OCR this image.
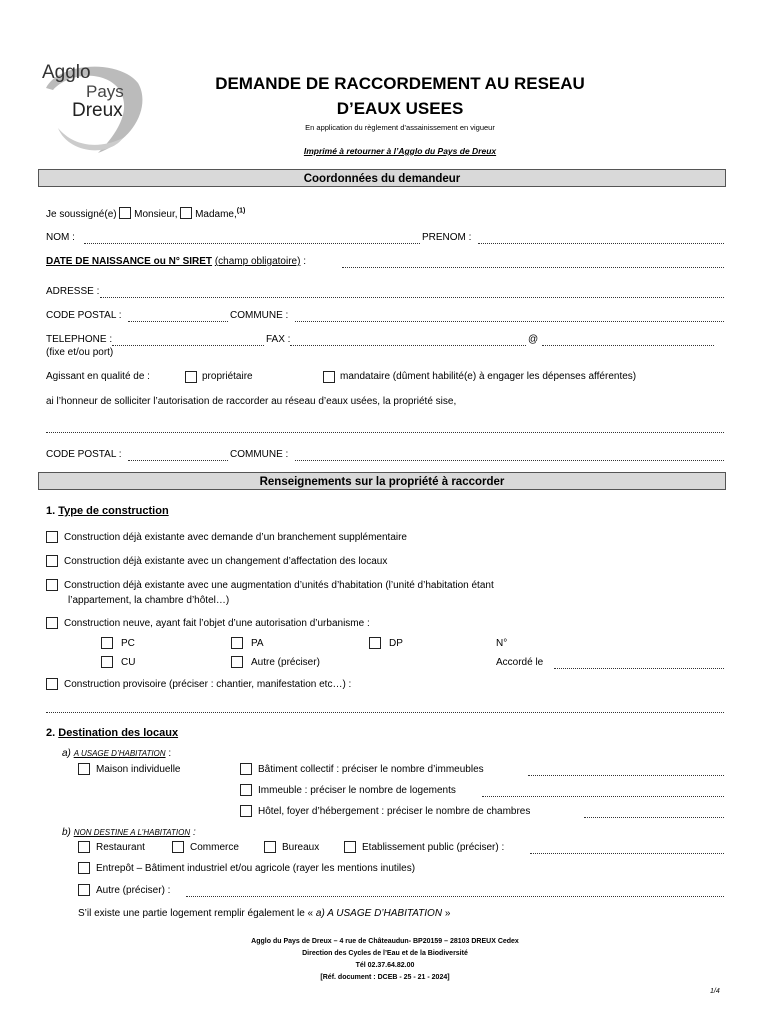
Agglo
Pays
Dreux
DEMANDE DE RACCORDEMENT AU RESEAU
D’EAUX USEES
En application du règlement d’assainissement en vigueur
Imprimé à retourner à l’Agglo du Pays de Dreux
Coordonnées du demandeur
Je soussigné(e) Monsieur, Madame,$^{(1)}$
NOM :	PRENOM :
DATE DE NAISSANCE ou N° SIRET (champ obligatoire) :
ADRESSE :
CODE POSTAL :	COMMUNE :
TELEPHONE :	FAX :	@
(fixe et/ou port)
Agissant en qualité de :	propriétaire	mandataire (dûment habilité(e) à engager les dépenses afférentes)
ai l’honneur de solliciter l’autorisation de raccorder au réseau d’eaux usées, la propriété sise,
CODE POSTAL :	COMMUNE :
Renseignements sur la propriété à raccorder
1. Type de construction
Construction déjà existante avec demande d’un branchement supplémentaire
Construction déjà existante avec un changement d’affectation des locaux
Construction déjà existante avec une augmentation d’unités d’habitation (l’unité d’habitation étant
l’appartement, la chambre d’hôtel…)
Construction neuve, ayant fait l’objet d’une autorisation d’urbanisme :
PC	PA	DP	N°
CU	Autre (préciser)	Accordé le
Construction provisoire (préciser : chantier, manifestation etc…) :
2. Destination des locaux
a) A USAGE D’HABITATION :
Maison individuelle	Bâtiment collectif : préciser le nombre d’immeubles
Immeuble : préciser le nombre de logements
Hôtel, foyer d’hébergement : préciser le nombre de chambres
b) NON DESTINE A L’HABITATION :
Restaurant	Commerce	Bureaux	Etablissement public (préciser) :
Entrepôt – Bâtiment industriel et/ou agricole (rayer les mentions inutiles)
Autre (préciser) :
S’il existe une partie logement remplir également le « a) A USAGE D’HABITATION »
Agglo du Pays de Dreux – 4 rue de Châteaudun- BP20159 – 28103 DREUX Cedex
Direction des Cycles de l’Eau et de la Biodiversité
Tél 02.37.64.82.00
[Réf. document : DCEB - 25 - 21 - 2024]
1/4
